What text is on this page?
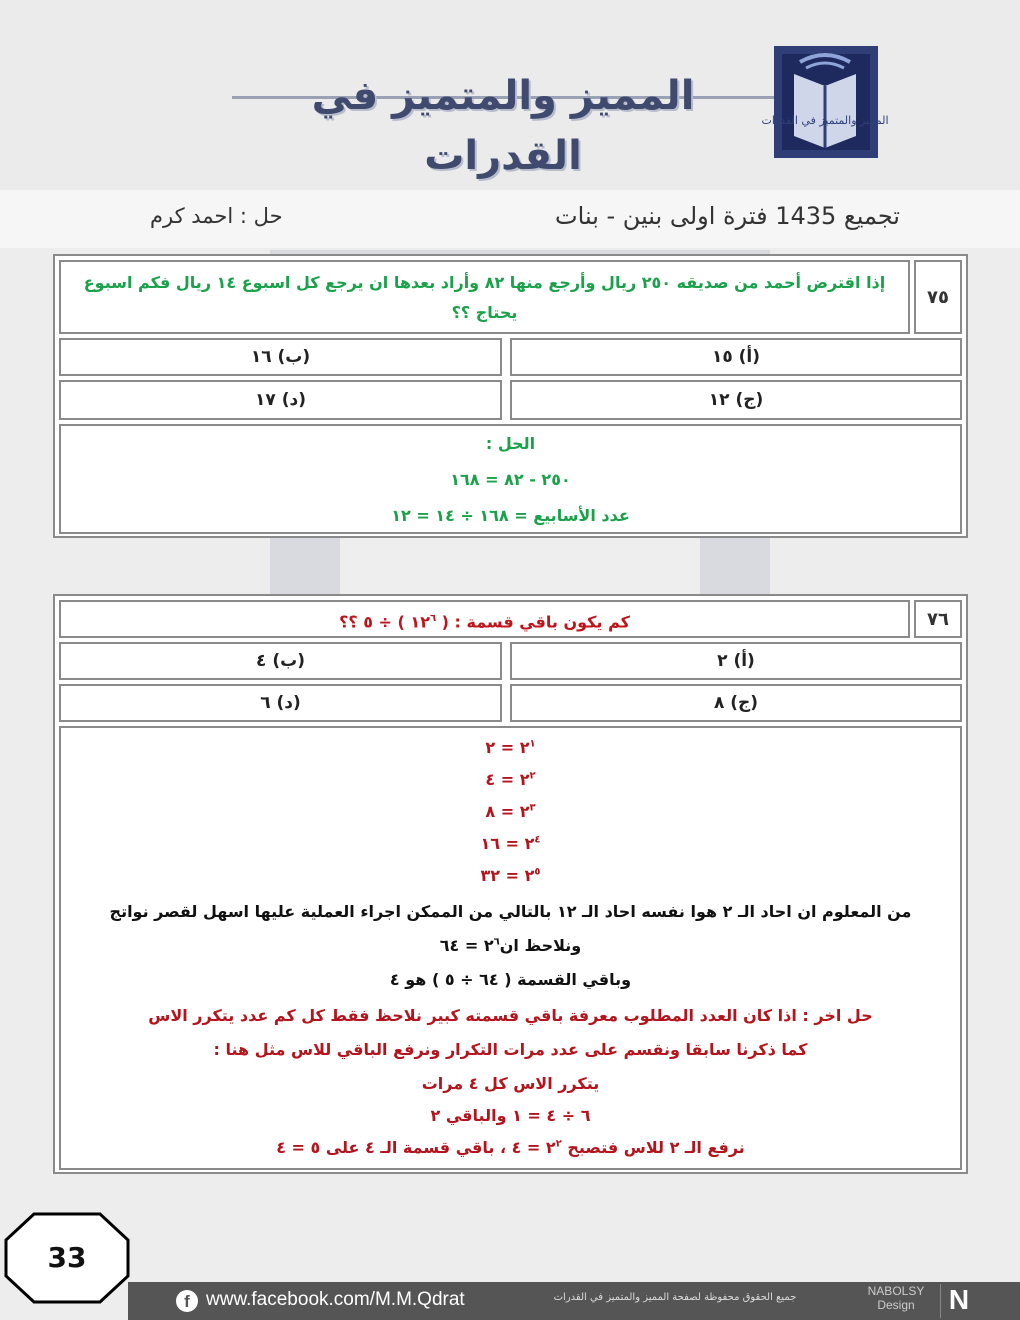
المميز والمتميز في القدرات
المميز والمتميز في القدرات
تجميع 1435 فترة اولى بنين - بنات
حل : احمد كرم
٧٥
إذا اقترض أحمد من صديقه ٢٥٠ ريال وأرجع منها ٨٢ وأراد بعدها ان يرجع كل اسبوع ١٤ ريال فكم اسبوع يحتاج ؟؟
(أ) ١٥
(ب) ١٦
(ج) ١٢
(د) ١٧
الحل :
٢٥٠ - ٨٢ = ١٦٨
عدد الأسابيع = ١٦٨ ÷ ١٤ = ١٢
٧٦
كم يكون باقي قسمة : ( $١٢^٦$ ) ÷ ٥ ؟؟
(أ) ٢
(ب) ٤
(ج) ٨
(د) ٦
$٢^١$ = ٢
$٢^٢$ = ٤
$٢^٣$ = ٨
$٢^٤$ = ١٦
$٢^٥$ = ٣٢
من المعلوم ان احاد الـ ٢ هوا نفسه احاد الـ ١٢ بالتالي من الممكن اجراء العملية عليها اسهل لقصر نواتج
ونلاحظ $ان٢^٦$ = ٦٤
وباقي القسمة ( ٦٤ ÷ ٥ ) هو ٤
حل اخر : اذا كان العدد المطلوب معرفة باقي قسمته كبير نلاحظ فقط كل كم عدد يتكرر الاس
كما ذكرنا سابقا ونقسم على عدد مرات التكرار ونرفع الباقي للاس مثل هنا :
يتكرر الاس كل ٤ مرات
٦ ÷ ٤ = ١ والباقي ٢
نرفع الـ ٢ للاس فتصبح $٢^٢$ = ٤ ، باقي قسمة الـ ٤ على ٥ = ٤
33
f www.facebook.com/M.M.Qdrat	جميع الحقوق محفوظة لصفحة المميز والمتميز في القدرات	NABOLSY
Design	N
